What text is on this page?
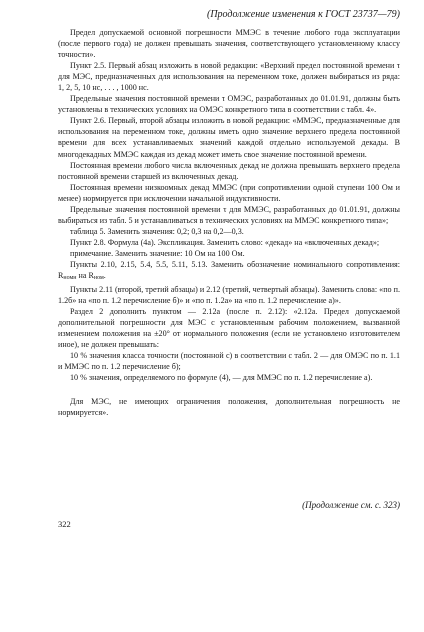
(Продолжение изменения к ГОСТ 23737—79)

Предел допускаемой основной погрешности ММЭС в течение любого года эксплуатации (после первого года) не должен превышать значения, соответствующего установленному классу точности».

Пункт 2.5. Первый абзац изложить в новой редакции: «Верхний предел постоянной времени τ для МЭС, предназначенных для использования на переменном токе, должен выбираться из ряда: 1, 2, 5, 10 нс, . . . , 1000 нс.

Предельные значения постоянной времени τ ОМЭС, разработанных до 01.01.91, должны быть установлены в технических условиях на ОМЭС конкретного типа в соответствии с табл. 4».

Пункт 2.6. Первый, второй абзацы изложить в новой редакции: «ММЭС, предназначенные для использования на переменном токе, должны иметь одно значение верхнего предела постоянной времени для всех устанавливаемых значений каждой отдельно используемой декады. В многодекадных ММЭС каждая из декад может иметь свое значение постоянной времени.

Постоянная времени любого числа включенных декад не должна превышать верхнего предела постоянной времени старшей из включенных декад.

Постоянная времени низкоомных декад ММЭС (при сопротивлении одной ступени 100 Ом и менее) нормируется при исключении начальной индуктивности.

Предельные значения постоянной времени τ для ММЭС, разработанных до 01.01.91, должны выбираться из табл. 5 и устанавливаться в технических условиях на ММЭС конкретного типа»;

таблица 5. Заменить значения: 0,2; 0,3 на 0,2—0,3.

Пункт 2.8. Формула (4а). Экспликация. Заменить слово: «декад» на «включенных декад»;

примечание. Заменить значение: 10 Ом на 100 Ом.

Пункты 2.10, 2.15, 5.4, 5.5, 5.11, 5.13. Заменить обозначение номинального сопротивления: Rномн на Rном.

Пункты 2.11 (второй, третий абзацы) и 2.12 (третий, четвертый абзацы). Заменить слова: «по п. 1.2б» на «по п. 1.2 перечисление б)» и «по п. 1.2а» на «по п. 1.2 перечисление а)».

Раздел 2 дополнить пунктом — 2.12а (после п. 2.12): «2.12а. Предел допускаемой дополнительной погрешности для МЭС с установленным рабочим положением, вызванной изменением положения на ±20° от нормального положения (если не установлено изготовителем иное), не должен превышать:

10 % значения класса точности (постоянной c) в соответствии с табл. 2 — для ОМЭС по п. 1.1 и ММЭС по п. 1.2 перечисление б);

10 % значения, определяемого по формуле (4), — для ММЭС по п. 1.2 перечисление а).

Для МЭС, не имеющих ограничения положения, дополнительная погрешность не нормируется».

(Продолжение см. с. 323)
322
